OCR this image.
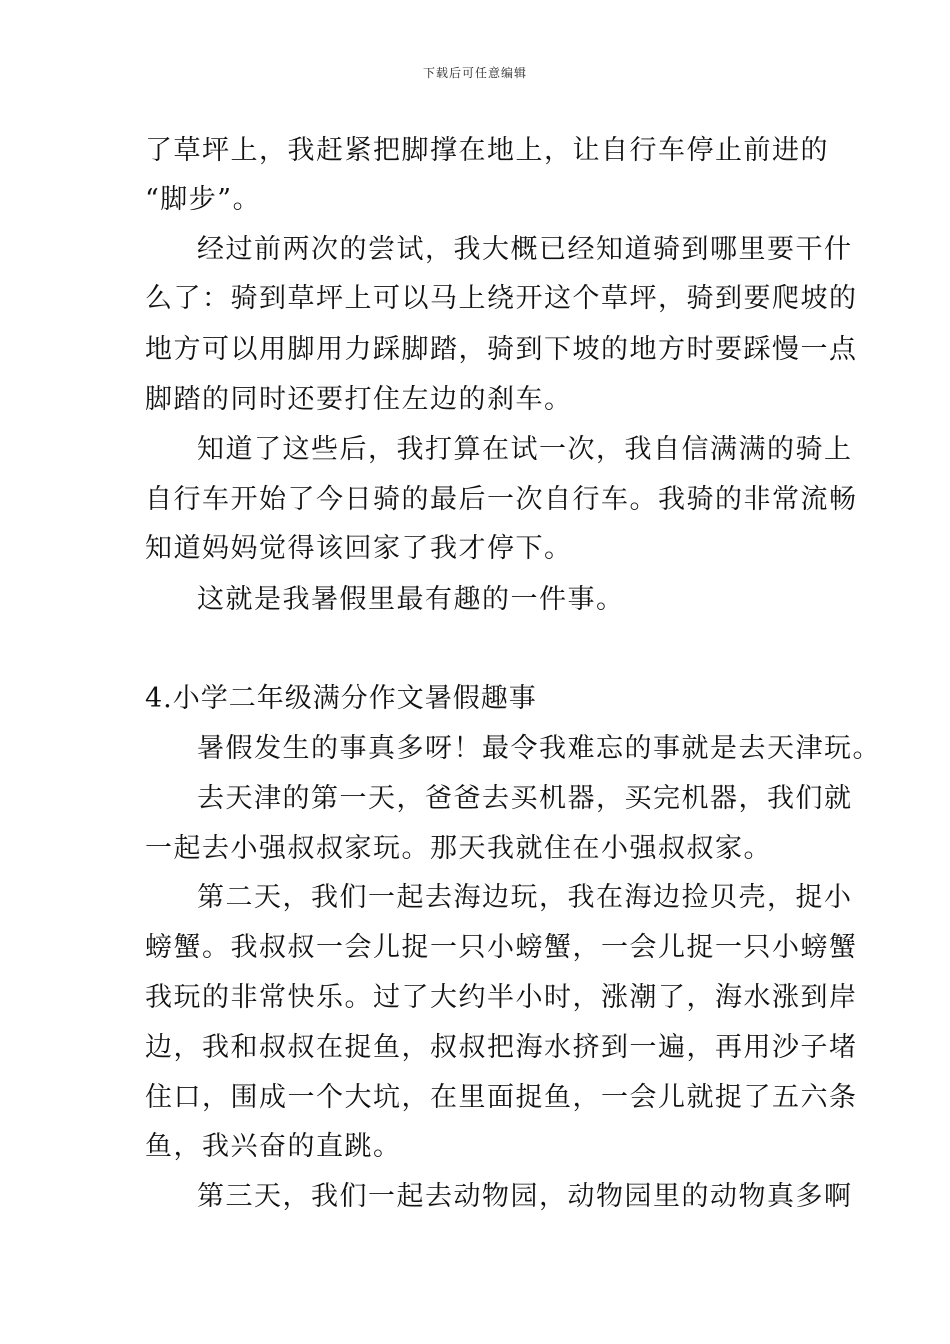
下载后可任意编辑
了草坪上，我赶紧把脚撑在地上，让自行车停止前进的
“脚步”。
经过前两次的尝试，我大概已经知道骑到哪里要干什
么了：骑到草坪上可以马上绕开这个草坪，骑到要爬坡的
地方可以用脚用力踩脚踏，骑到下坡的地方时要踩慢一点
脚踏的同时还要打住左边的刹车。
知道了这些后，我打算在试一次，我自信满满的骑上
自行车开始了今日骑的最后一次自行车。我骑的非常流畅
知道妈妈觉得该回家了我才停下。
这就是我暑假里最有趣的一件事。
4.小学二年级满分作文暑假趣事
暑假发生的事真多呀！最令我难忘的事就是去天津玩。
去天津的第一天，爸爸去买机器，买完机器，我们就
一起去小强叔叔家玩。那天我就住在小强叔叔家。
第二天，我们一起去海边玩，我在海边捡贝壳，捉小
螃蟹。我叔叔一会儿捉一只小螃蟹，一会儿捉一只小螃蟹
我玩的非常快乐。过了大约半小时，涨潮了，海水涨到岸
边，我和叔叔在捉鱼，叔叔把海水挤到一遍，再用沙子堵
住口，围成一个大坑，在里面捉鱼，一会儿就捉了五六条
鱼，我兴奋的直跳。
第三天，我们一起去动物园，动物园里的动物真多啊
